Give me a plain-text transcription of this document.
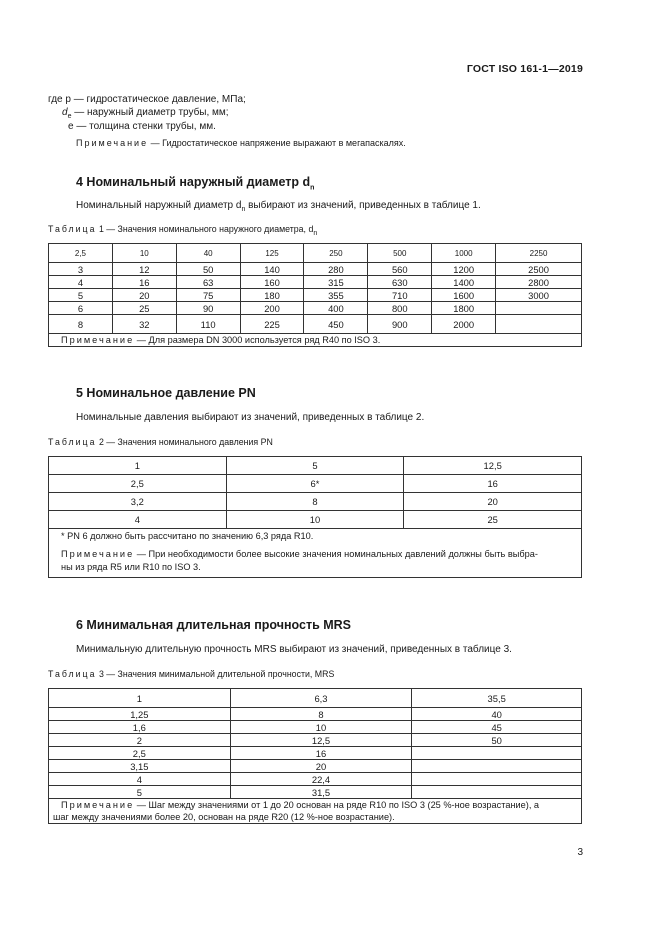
ГОСТ ISO 161-1—2019
где p — гидростатическое давление, МПа;
$d_e$ — наружный диаметр трубы, мм;
e — толщина стенки трубы, мм.
Примечание — Гидростатическое напряжение выражают в мегапаскалях.
4 Номинальный наружный диаметр $d_n$
Номинальный наружный диаметр $d_n$ выбирают из значений, приведенных в таблице 1.
Таблица 1 — Значения номинального наружного диаметра, $d_n$
2,5	10	40	125	250	500	1000	2250
3	12	50	140	280	560	1200	2500
4	16	63	160	315	630	1400	2800
5	20	75	180	355	710	1600	3000
6	25	90	200	400	800	1800	
8	32	110	225	450	900	2000	
Примечание — Для размера DN 3000 используется ряд R40 по ISO 3.							
5 Номинальное давление PN
Номинальные давления выбирают из значений, приведенных в таблице 2.
Таблица 2 — Значения номинального давления PN
1	5	12,5
2,5	6*	16
3,2	8	20
4	10	25
* PN 6 должно быть рассчитано по значению 6,3 ряда R10.		
Примечание — При необходимости более высокие значения номинальных давлений должны быть выбра-
ны из ряда R5 или R10 по ISO 3.		
6 Минимальная длительная прочность MRS
Минимальную длительную прочность MRS выбирают из значений, приведенных в таблице 3.
Таблица 3 — Значения минимальной длительной прочности, MRS
1	6,3	35,5
1,25	8	40
1,6	10	45
2	12,5	50
2,5	16	
3,15	20	
4	22,4	
5	31,5	
Примечание — Шаг между значениями от 1 до 20 основан на ряде R10 по ISO 3 (25 %-ное возрастание), а
шаг между значениями более 20, основан на ряде R20 (12 %-ное возрастание).		
3
